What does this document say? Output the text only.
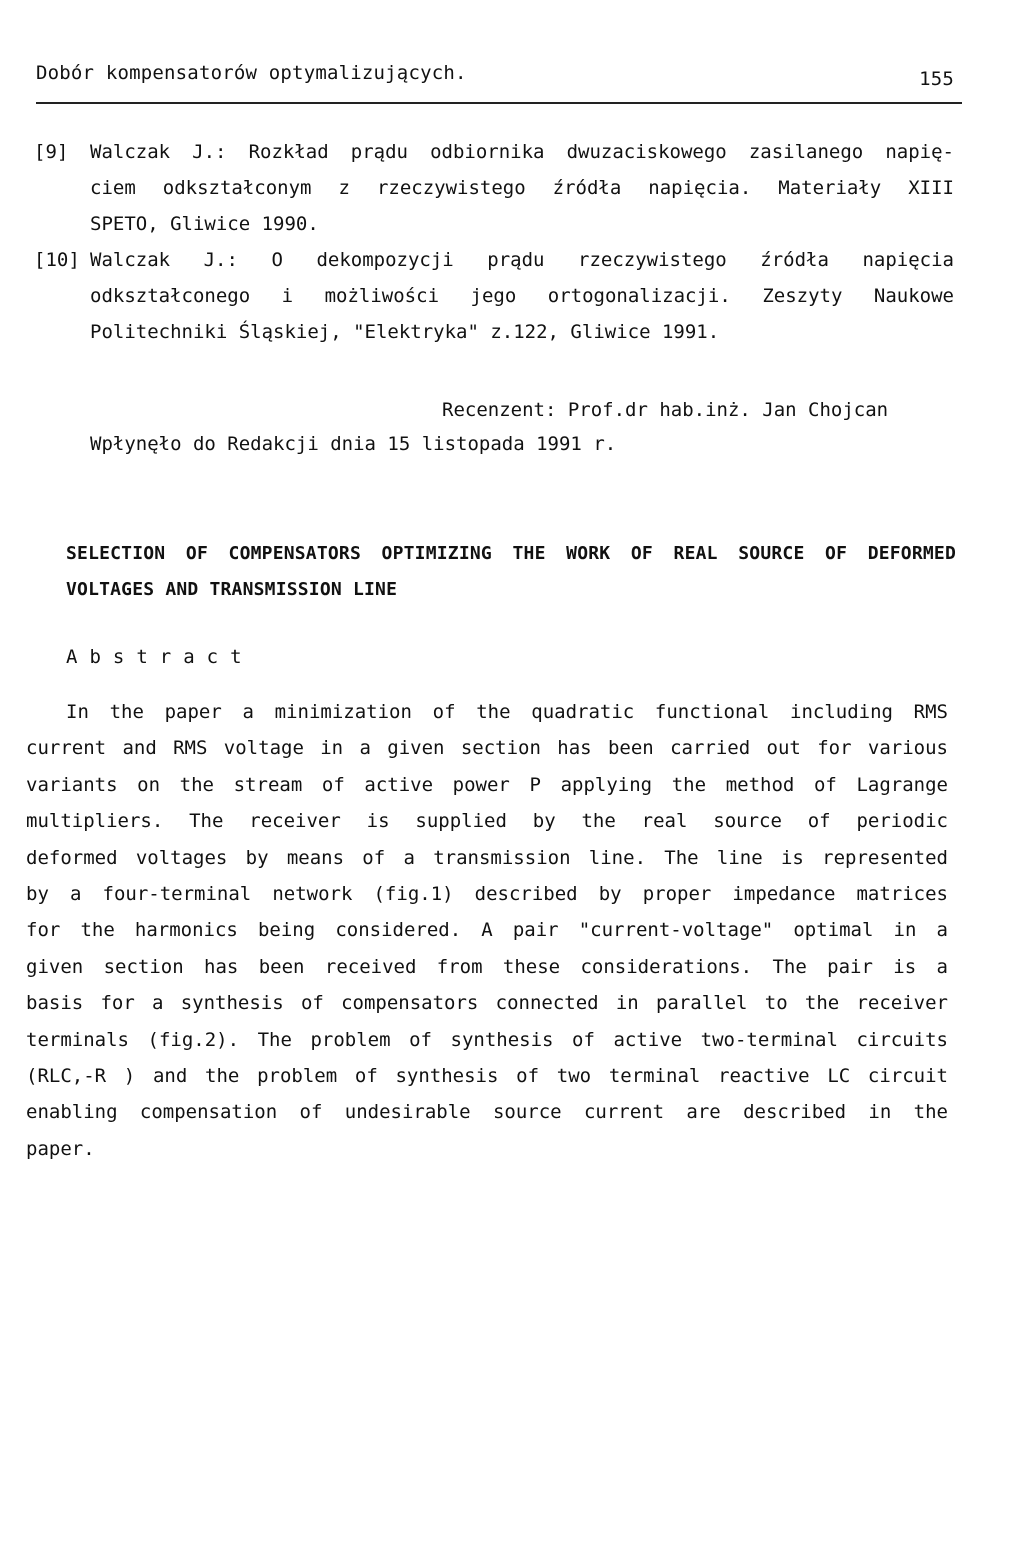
Dobór kompensatorów optymalizujących.	155
[9] Walczak J.: Rozkład prądu odbiornika dwuzaciskowego zasilanego napię-
ciem odkształconym z rzeczywistego źródła napięcia. Materiały XIII
SPETO, Gliwice 1990.
[10] Walczak J.: O dekompozycji prądu rzeczywistego źródła napięcia
odkształconego i możliwości jego ortogonalizacji. Zeszyty Naukowe
Politechniki Śląskiej, "Elektryka" z.122, Gliwice 1991.
Recenzent: Prof.dr hab.inż. Jan Chojcan
Wpłynęło do Redakcji dnia 15 listopada 1991 r.
SELECTION OF COMPENSATORS OPTIMIZING THE WORK OF REAL SOURCE OF DEFORMED
VOLTAGES AND TRANSMISSION LINE
Abstract
In the paper a minimization of the quadratic functional including RMS
current and RMS voltage in a given section has been carried out for various
variants on the stream of active power P applying the method of Lagrange
multipliers. The receiver is supplied by the real source of periodic
deformed voltages by means of a transmission line. The line is represented
by a four-terminal network (fig.1) described by proper impedance matrices
for the harmonics being considered. A pair "current-voltage" optimal in a
given section has been received from these considerations. The pair is a
basis for a synthesis of compensators connected in parallel to the receiver
terminals (fig.2). The problem of synthesis of active two-terminal circuits
(RLC,-R ) and the problem of synthesis of two terminal reactive LC circuit
enabling compensation of undesirable source current are described in the
paper.
